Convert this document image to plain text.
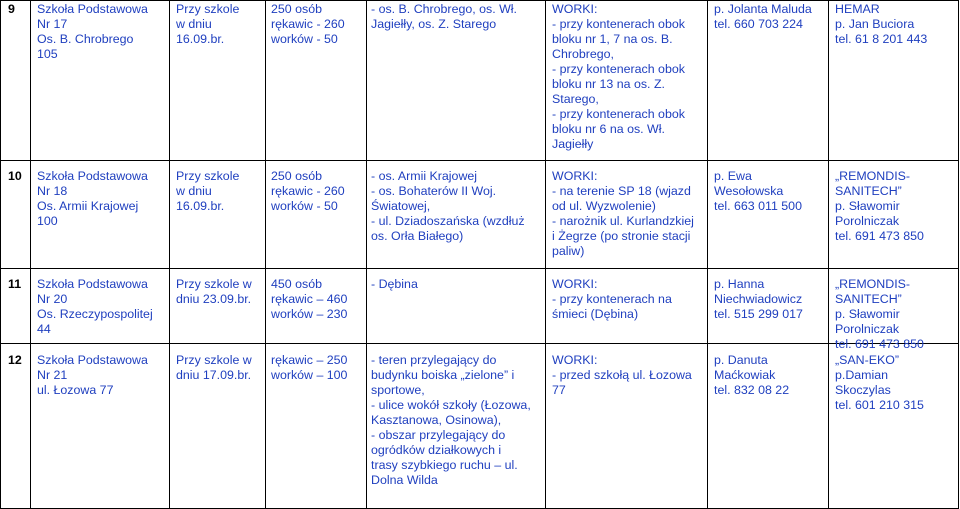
9 Szkoła Podstawowa
Nr 17
Os. B. Chrobrego
105
Przy szkole
w dniu
16.09.br.
250 osób
rękawic - 260
worków - 50
- os. B. Chrobrego, os. Wł.
Jagiełły, os. Z. Starego
WORKI:
- przy kontenerach obok
bloku nr 1, 7 na os. B.
Chrobrego,
- przy kontenerach obok
bloku nr 13 na os. Z.
Starego,
- przy kontenerach obok
bloku nr 6 na os. Wł.
Jagiełły
p. Jolanta Maluda
tel. 660 703 224
HEMAR
p. Jan Buciora
tel. 61 8 201 443
10 Szkoła Podstawowa
Nr 18
Os. Armii Krajowej
100
Przy szkole
w dniu
16.09.br.
250 osób
rękawic - 260
worków - 50
- os. Armii Krajowej
- os. Bohaterów II Woj.
Światowej,
- ul. Dziadoszańska (wzdłuż
os. Orła Białego)
WORKI:
- na terenie SP 18 (wjazd
od ul. Wyzwolenie)
- narożnik ul. Kurlandzkiej
i Żegrze (po stronie stacji
paliw)
p. Ewa
Wesołowska
tel. 663 011 500
„REMONDIS-
SANITECH”
p. Sławomir
Porolniczak
tel. 691 473 850
11 Szkoła Podstawowa
Nr 20
Os. Rzeczypospolitej
44
Przy szkole w
dniu 23.09.br.
450 osób
rękawic – 460
worków – 230
- Dębina	WORKI:
- przy kontenerach na
śmieci (Dębina)
p. Hanna
Niechwiadowicz
tel. 515 299 017
„REMONDIS-
SANITECH”
p. Sławomir
Porolniczak
tel. 691 473 850
12 Szkoła Podstawowa
Nr 21
ul. Łozowa 77
Przy szkole w
dniu 17.09.br.
rękawic – 250
worków – 100
- teren przylegający do
budynku boiska „zielone” i
sportowe,
- ulice wokół szkoły (Łozowa,
Kasztanowa, Osinowa),
- obszar przylegający do
ogródków działkowych i
trasy szybkiego ruchu – ul.
Dolna Wilda
WORKI:
- przed szkołą ul. Łozowa
77
p. Danuta
Maćkowiak
tel. 832 08 22
„SAN-EKO”
p.Damian
Skoczylas
tel. 601 210 315
